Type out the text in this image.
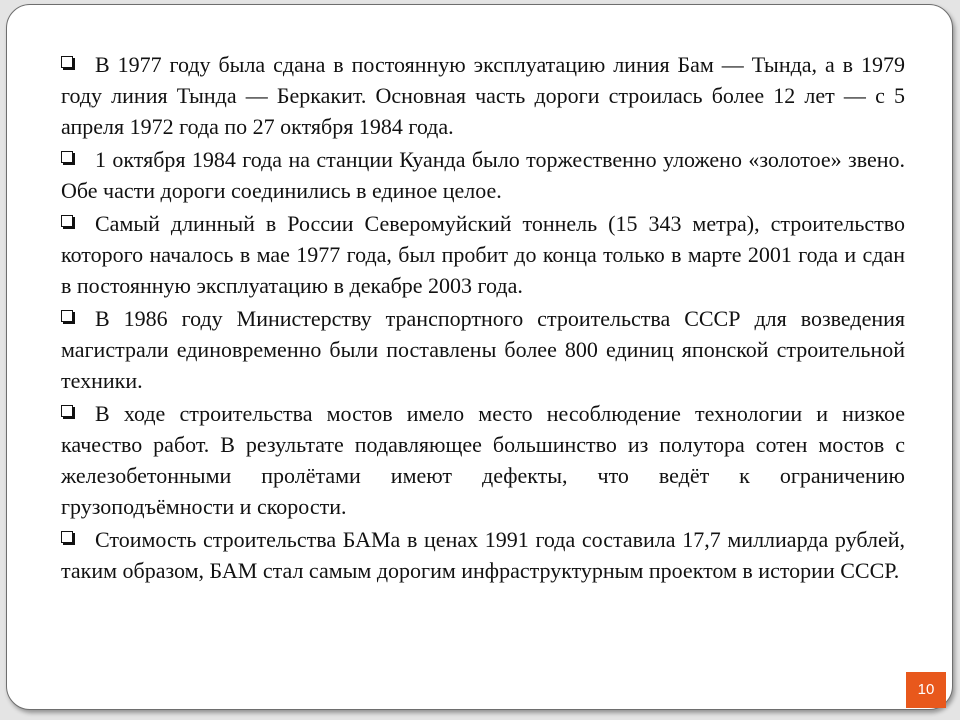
В 1977 году была сдана в постоянную эксплуатацию линия Бам — Тында, а в 1979 году линия Тында — Беркакит. Основная часть дороги строилась более 12 лет — с 5 апреля 1972 года по 27 октября 1984 года.
1 октября 1984 года на станции Куанда было торжественно уложено «золотое» звено. Обе части дороги соединились в единое целое.
Самый длинный в России Северомуйский тоннель (15 343 метра), строительство которого началось в мае 1977 года, был пробит до конца только в марте 2001 года и сдан в постоянную эксплуатацию в декабре 2003 года.
В 1986 году Министерству транспортного строительства СССР для возведения магистрали единовременно были поставлены более 800 единиц японской строительной техники.
В ходе строительства мостов имело место несоблюдение технологии и низкое качество работ. В результате подавляющее большинство из полутора сотен мостов с железобетонными пролётами имеют дефекты, что ведёт к ограничению грузоподъёмности и скорости.
Стоимость строительства БАМа в ценах 1991 года составила 17,7 миллиарда рублей, таким образом, БАМ стал самым дорогим инфраструктурным проектом в истории СССР.
10
